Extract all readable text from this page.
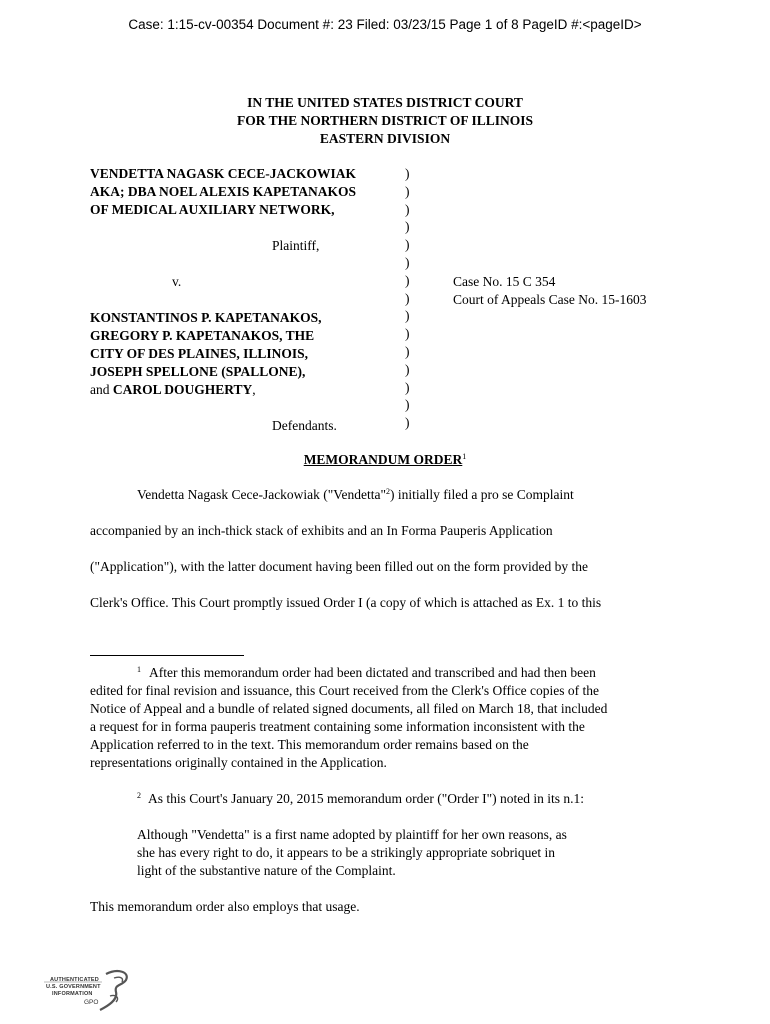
Case: 1:15-cv-00354 Document #: 23 Filed: 03/23/15 Page 1 of 8 PageID #:<pageID>
IN THE UNITED STATES DISTRICT COURT
FOR THE NORTHERN DISTRICT OF ILLINOIS
EASTERN DIVISION
VENDETTA NAGASK CECE-JACKOWIAK
AKA; DBA NOEL ALEXIS KAPETANAKOS
OF MEDICAL AUXILIARY NETWORK,
Plaintiff,
v.
KONSTANTINOS P. KAPETANAKOS,
GREGORY P. KAPETANAKOS, THE
CITY OF DES PLAINES, ILLINOIS,
JOSEPH SPELLONE (SPALLONE),
and CAROL DOUGHERTY,
Defendants.
)
)
)
)
)
)
)
)
)
)
)
)
)
)
)
Case No. 15 C 354
Court of Appeals Case No. 15-1603
MEMORANDUM ORDER$^1$
Vendetta Nagask Cece-Jackowiak ("Vendetta"$^2$) initially filed a pro se Complaint
accompanied by an inch-thick stack of exhibits and an In Forma Pauperis Application
("Application"), with the latter document having been filled out on the form provided by the
Clerk's Office. This Court promptly issued Order I (a copy of which is attached as Ex. 1 to this
$^1$ After this memorandum order had been dictated and transcribed and had then been
edited for final revision and issuance, this Court received from the Clerk's Office copies of the
Notice of Appeal and a bundle of related signed documents, all filed on March 18, that included
a request for in forma pauperis treatment containing some information inconsistent with the
Application referred to in the text. This memorandum order remains based on the
representations originally contained in the Application.
$^2$ As this Court's January 20, 2015 memorandum order ("Order I") noted in its n.1:
Although "Vendetta" is a first name adopted by plaintiff for her own reasons, as
she has every right to do, it appears to be a strikingly appropriate sobriquet in
light of the substantive nature of the Complaint.
This memorandum order also employs that usage.
AUTHENTICATED
U.S. GOVERNMENT
INFORMATION
GPO
